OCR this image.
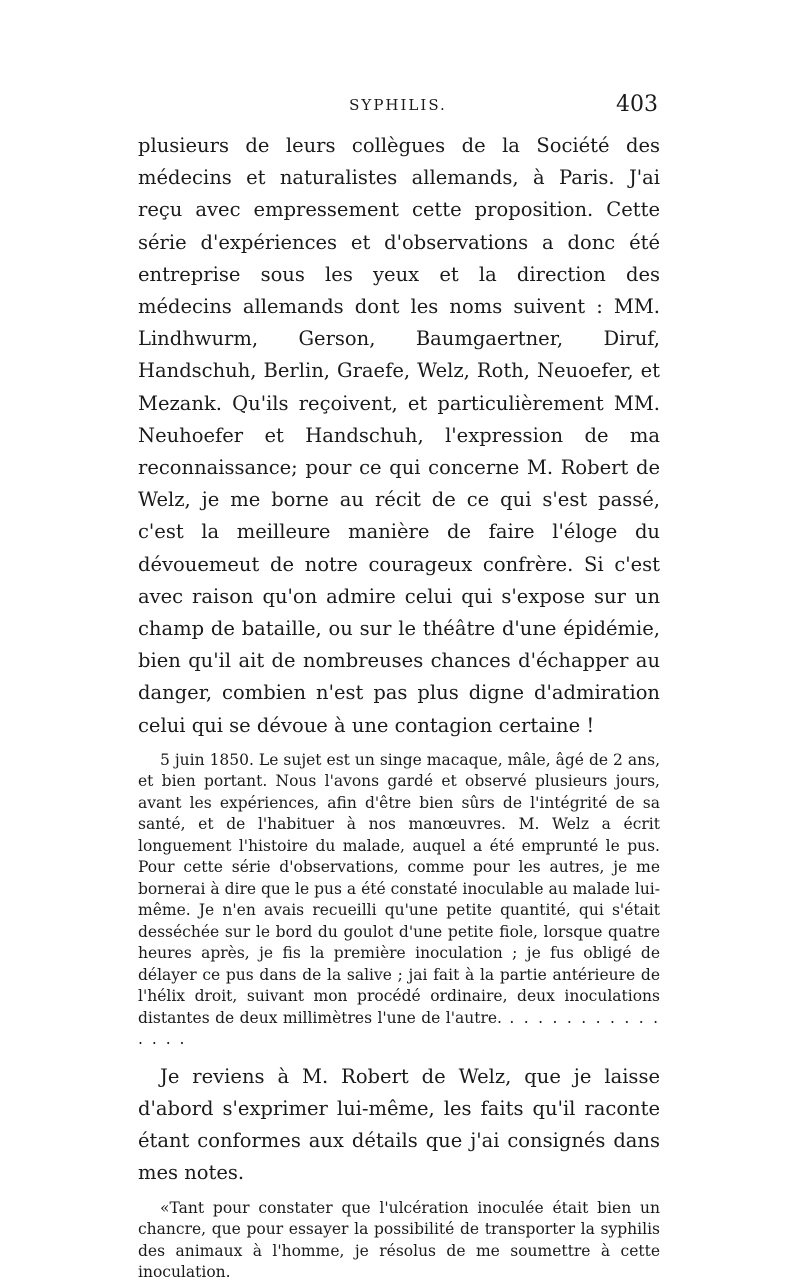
SYPHILIS.	403

plusieurs de leurs collègues de la Société des médecins et naturalistes allemands, à Paris. J'ai reçu avec empressement cette proposition. Cette série d'expériences et d'observations a donc été entreprise sous les yeux et la direction des médecins allemands dont les noms suivent : MM. Lindhwurm, Gerson, Baumgaertner, Diruf, Handschuh, Berlin, Graefe, Welz, Roth, Neuoefer, et Mezank. Qu'ils reçoivent, et particulièrement MM. Neuhoefer et Handschuh, l'expression de ma reconnaissance; pour ce qui concerne M. Robert de Welz, je me borne au récit de ce qui s'est passé, c'est la meilleure manière de faire l'éloge du dévouemeut de notre courageux confrère. Si c'est avec raison qu'on admire celui qui s'expose sur un champ de bataille, ou sur le théâtre d'une épidémie, bien qu'il ait de nombreuses chances d'échapper au danger, combien n'est pas plus digne d'admiration celui qui se dévoue à une contagion certaine !

5 juin 1850. Le sujet est un singe macaque, mâle, âgé de 2 ans, et bien portant. Nous l'avons gardé et observé plusieurs jours, avant les expériences, afin d'être bien sûrs de l'intégrité de sa santé, et de l'habituer à nos manœuvres. M. Welz a écrit longuement l'histoire du malade, auquel a été emprunté le pus. Pour cette série d'observations, comme pour les autres, je me bornerai à dire que le pus a été constaté inoculable au malade lui-même. Je n'en avais recueilli qu'une petite quantité, qui s'était desséchée sur le bord du goulot d'une petite fiole, lorsque quatre heures après, je fis la première inoculation ; je fus obligé de délayer ce pus dans de la salive ; jai fait à la partie antérieure de l'hélix droit, suivant mon procédé ordinaire, deux inoculations distantes de deux millimètres l'une de l'autre. . . . . . . . . . . . . . . .

Je reviens à M. Robert de Welz, que je laisse d'abord s'exprimer lui-même, les faits qu'il raconte étant conformes aux détails que j'ai consignés dans mes notes.

«Tant pour constater que l'ulcération inoculée était bien un chancre, que pour essayer la possibilité de transporter la syphilis des animaux à l'homme, je résolus de me soumettre à cette inoculation.
